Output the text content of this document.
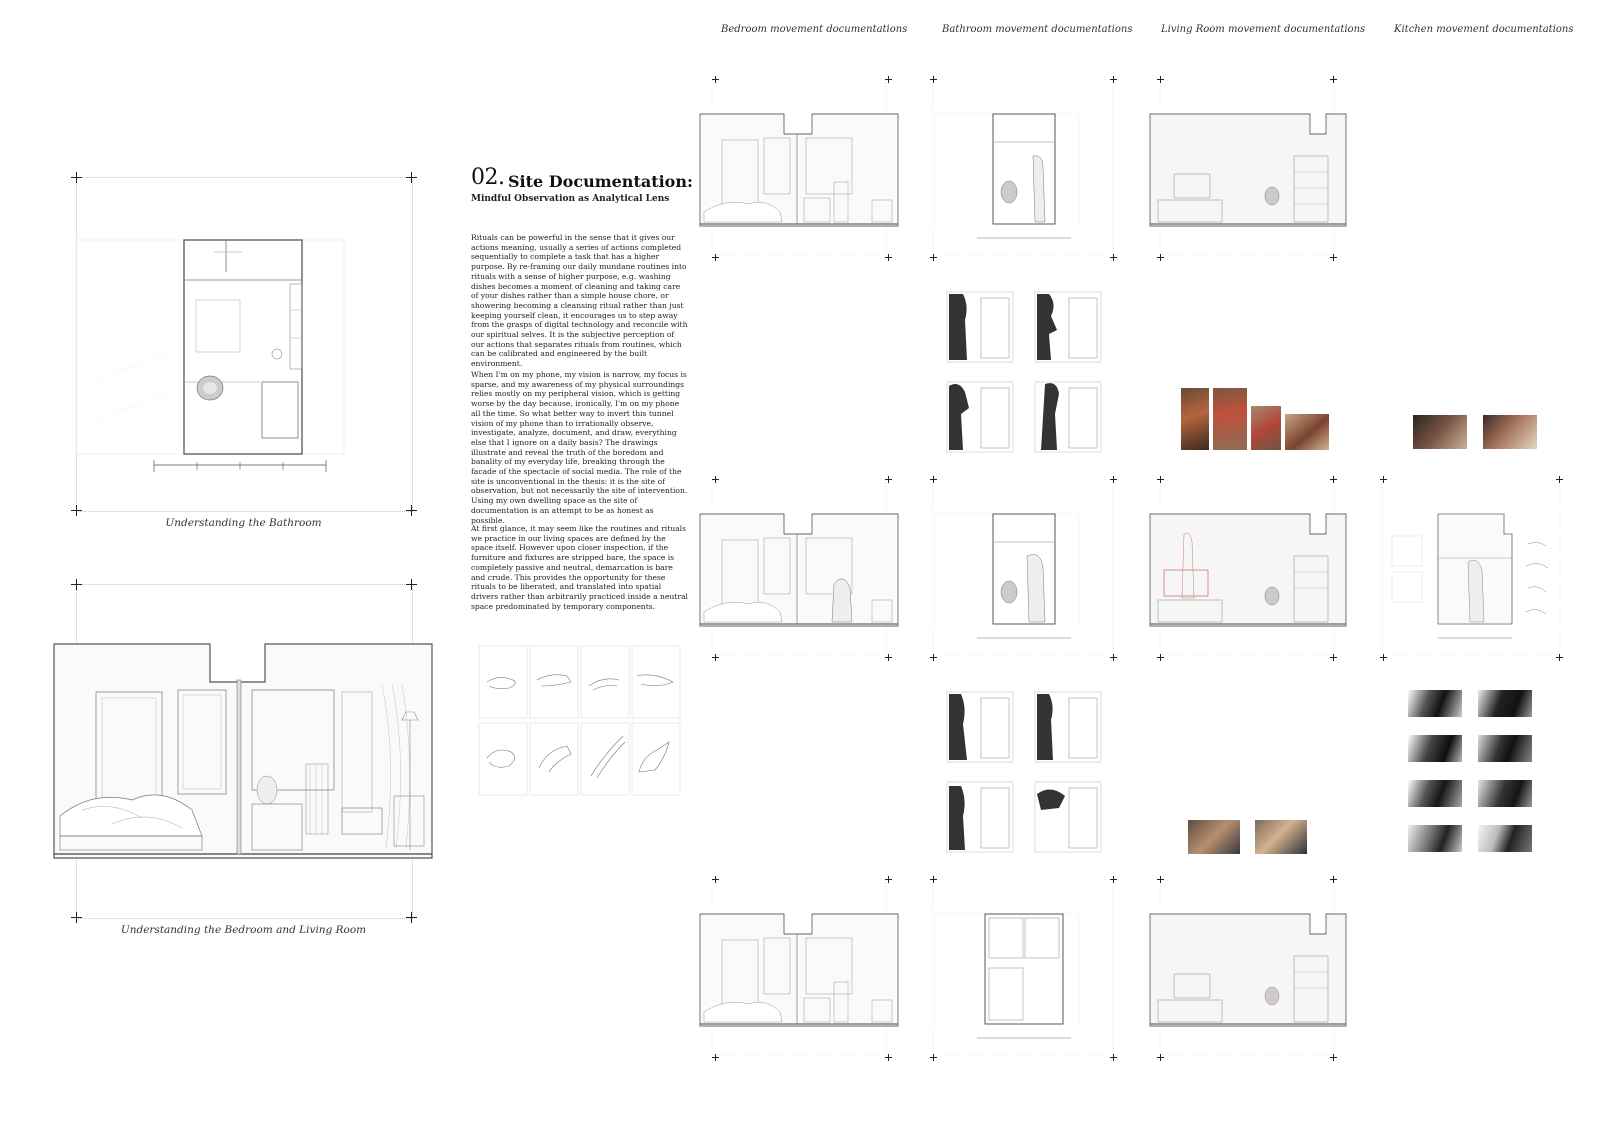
Bedroom movement documentations	Bathroom movement documentations	Living Room movement documentations	Kitchen movement documentations
Understanding the Bathroom
Understanding the Bedroom and Living Room
02. Site Documentation:
Mindful Observation as Analytical Lens

Rituals can be powerful in the sense that it gives our actions meaning, usually a series of actions completed sequentially to complete a task that has a higher purpose. By re-framing our daily mundane routines into rituals with a sense of higher purpose, e.g. washing dishes becomes a moment of cleaning and taking care of your dishes rather than a simple house chore, or showering becoming a cleansing ritual rather than just keeping yourself clean, it encourages us to step away from the grasps of digital technology and reconcile with our spiritual selves. It is the subjective perception of our actions that separates rituals from routines, which can be calibrated and engineered by the built environment.

When I'm on my phone, my vision is narrow, my focus is sparse, and my awareness of my physical surroundings relies mostly on my peripheral vision, which is getting worse by the day because, ironically, I'm on my phone all the time. So what better way to invert this tunnel vision of my phone than to irrationally observe, investigate, analyze, document, and draw, everything else that I ignore on a daily basis? The drawings illustrate and reveal the truth of the boredom and banality of my everyday life, breaking through the facade of the spectacle of social media. The role of the site is unconventional in the thesis: it is the site of observation, but not necessarily the site of intervention. Using my own dwelling space as the site of documentation is an attempt to be as honest as possible.

At first glance, it may seem like the routines and rituals we practice in our living spaces are defined by the space itself. However upon closer inspection, if the furniture and fixtures are stripped bare, the space is completely passive and neutral, demarcation is bare and crude. This provides the opportunity for these rituals to be liberated, and translated into spatial drivers rather than arbitrarily practiced inside a neutral space predominated by temporary components.
